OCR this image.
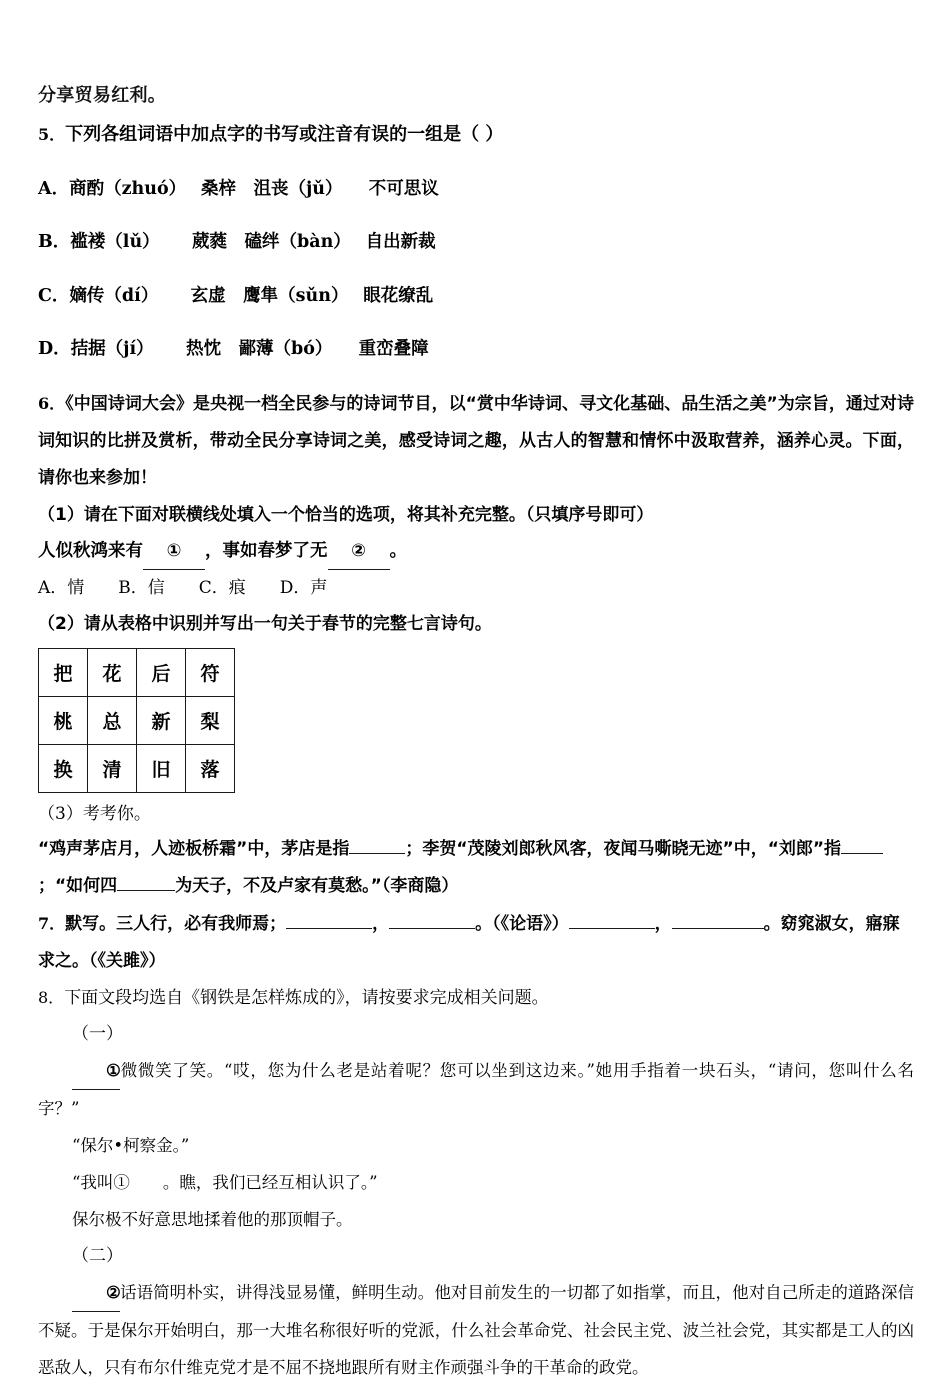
分享贸易红利。

5．下列各组词语中加点字的书写或注音有误的一组是（ ）

A．商酌（zhuó）　 桑梓　沮丧（jǔ）　　不可思议

B．褴褛（lǔ）　　 葳蕤　磕绊（bàn）　 自出新裁

C．嫡传（dí）　　 玄虚　鹰隼（sǔn）　 眼花缭乱

D．拮据（jí）　　 热忱　鄙薄（bó）　　重峦叠障

6．《中国诗词大会》是央视一档全民参与的诗词节目，以“赏中华诗词、寻文化基础、品生活之美”为宗旨，通过对诗词知识的比拼及赏析，带动全民分享诗词之美，感受诗词之趣，从古人的智慧和情怀中汲取营养，涵养心灵。下面，请你也来参加！

（1）请在下面对联横线处填入一个恰当的选项，将其补充完整。（只填序号即可）

人似秋鸿来有 ① ，事如春梦了无 ② 。

A．情　　B．信　　C．痕　　D．声

（2）请从表格中识别并写出一句关于春节的完整七言诗句。

把	花	后	符
桃	总	新	梨
换	清	旧	落

（3）考考你。

“鸡声茅店月，人迹板桥霜”中，茅店是指	；李贺“茂陵刘郎秋风客，夜闻马嘶晓无迹”中，“刘郎”指；“如何四	为天子，不及卢家有莫愁。”（李商隐）

7．默写。三人行，必有我师焉；	，	。（《论语》）	，	。窈窕淑女，寤寐求之。（《关雎》）

8．下面文段均选自《钢铁是怎样炼成的》，请按要求完成相关问题。

（一）

①微微笑了笑。“哎，您为什么老是站着呢？您可以坐到这边来。”她用手指着一块石头，“请问，您叫什么名字？”

“保尔•柯察金。”

“我叫①　　。瞧，我们已经互相认识了。”

保尔极不好意思地揉着他的那顶帽子。

（二）

②话语简明朴实，讲得浅显易懂，鲜明生动。他对目前发生的一切都了如指掌，而且，他对自己所走的道路深信不疑。于是保尔开始明白，那一大堆名称很好听的党派，什么社会革命党、社会民主党、波兰社会党，其实都是工人的凶恶敌人，只有布尔什维克党才是不屈不挠地跟所有财主作顽强斗争的干革命的政党。
